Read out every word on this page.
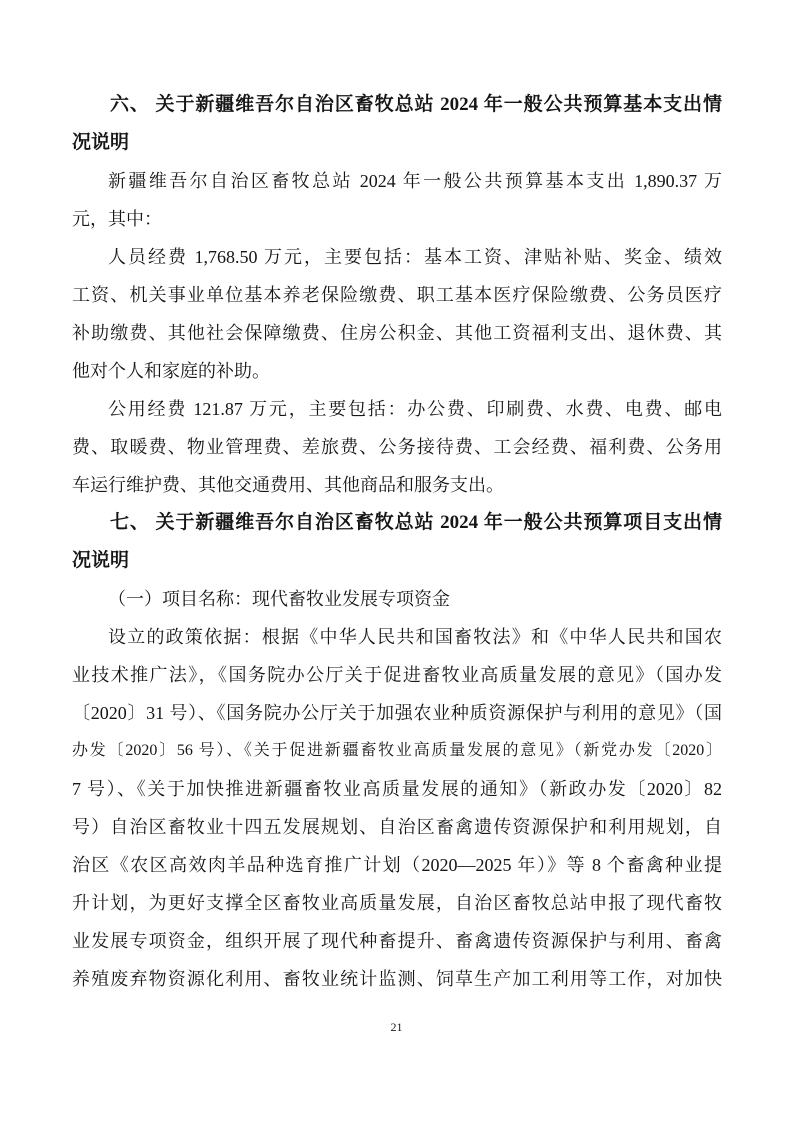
六、 关于新疆维吾尔自治区畜牧总站 2024 年一般公共预算基本支出情
况说明
新疆维吾尔自治区畜牧总站 2024 年一般公共预算基本支出 1,890.37 万
元，其中：
人员经费 1,768.50 万元，主要包括：基本工资、津贴补贴、奖金、绩效
工资、机关事业单位基本养老保险缴费、职工基本医疗保险缴费、公务员医疗
补助缴费、其他社会保障缴费、住房公积金、其他工资福利支出、退休费、其
他对个人和家庭的补助。
公用经费 121.87 万元，主要包括：办公费、印刷费、水费、电费、邮电
费、取暖费、物业管理费、差旅费、公务接待费、工会经费、福利费、公务用
车运行维护费、其他交通费用、其他商品和服务支出。
七、 关于新疆维吾尔自治区畜牧总站 2024 年一般公共预算项目支出情
况说明
（一）项目名称：现代畜牧业发展专项资金
设立的政策依据：根据《中华人民共和国畜牧法》和《中华人民共和国农
业技术推广法》，《国务院办公厅关于促进畜牧业高质量发展的意见》（国办发
〔2020〕31 号）、《国务院办公厅关于加强农业种质资源保护与利用的意见》（国
办发〔2020〕56 号）、《关于促进新疆畜牧业高质量发展的意见》（新党办发〔2020〕
7 号）、《关于加快推进新疆畜牧业高质量发展的通知》（新政办发〔2020〕82
号）自治区畜牧业十四五发展规划、自治区畜禽遗传资源保护和利用规划，自
治区《农区高效肉羊品种选育推广计划（2020—2025 年）》等 8 个畜禽种业提
升计划，为更好支撑全区畜牧业高质量发展，自治区畜牧总站申报了现代畜牧
业发展专项资金，组织开展了现代种畜提升、畜禽遗传资源保护与利用、畜禽
养殖废弃物资源化利用、畜牧业统计监测、饲草生产加工利用等工作，对加快
21
